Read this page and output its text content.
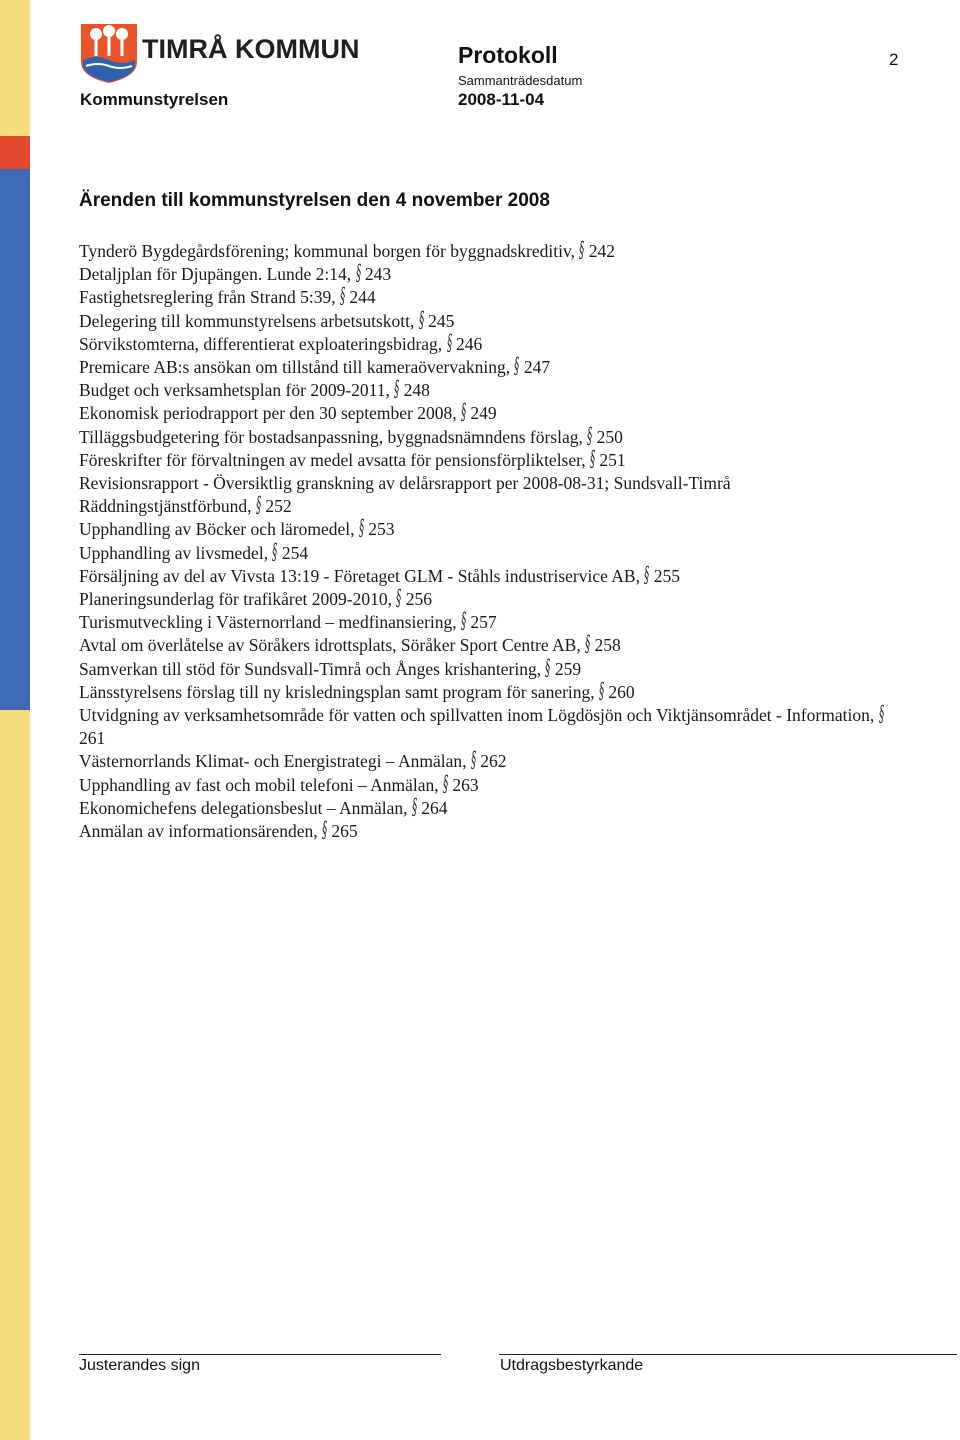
TIMRÅ KOMMUN
Kommunstyrelsen
Protokoll
Sammanträdesdatum
2008-11-04
2
Ärenden till kommunstyrelsen den 4 november 2008
Tynderö Bygdegårdsförening; kommunal borgen för byggnadskreditiv, § 242
Detaljplan för Djupängen. Lunde 2:14, § 243
Fastighetsreglering från Strand 5:39, § 244
Delegering till kommunstyrelsens arbetsutskott, § 245
Sörvikstomterna, differentierat exploateringsbidrag, § 246
Premicare AB:s ansökan om tillstånd till kameraövervakning, § 247
Budget och verksamhetsplan för 2009-2011, § 248
Ekonomisk periodrapport per den 30 september 2008, § 249
Tilläggsbudgetering för bostadsanpassning, byggnadsnämndens förslag, § 250
Föreskrifter för förvaltningen av medel avsatta för pensionsförpliktelser, § 251
Revisionsrapport - Översiktlig granskning av delårsrapport per 2008-08-31; Sundsvall-Timrå Räddningstjänstförbund, § 252
Upphandling av Böcker och läromedel, § 253
Upphandling av livsmedel, § 254
Försäljning av del av Vivsta 13:19 - Företaget GLM - Ståhls industriservice AB, § 255
Planeringsunderlag för trafikåret 2009-2010, § 256
Turismutveckling i Västernorrland – medfinansiering, § 257
Avtal om överlåtelse av Söråkers idrottsplats, Söråker Sport Centre AB, § 258
Samverkan till stöd för Sundsvall-Timrå och Ånges krishantering, § 259
Länsstyrelsens förslag till ny krisledningsplan samt program för sanering, § 260
Utvidgning av verksamhetsområde för vatten och spillvatten inom Lögdösjön och Viktjänsområdet - Information, § 261
Västernorrlands Klimat- och Energistrategi – Anmälan, § 262
Upphandling av fast och mobil telefoni – Anmälan, § 263
Ekonomichefens delegationsbeslut – Anmälan, § 264
Anmälan av informationsärenden, § 265
Justerandes sign	Utdragsbestyrkande
